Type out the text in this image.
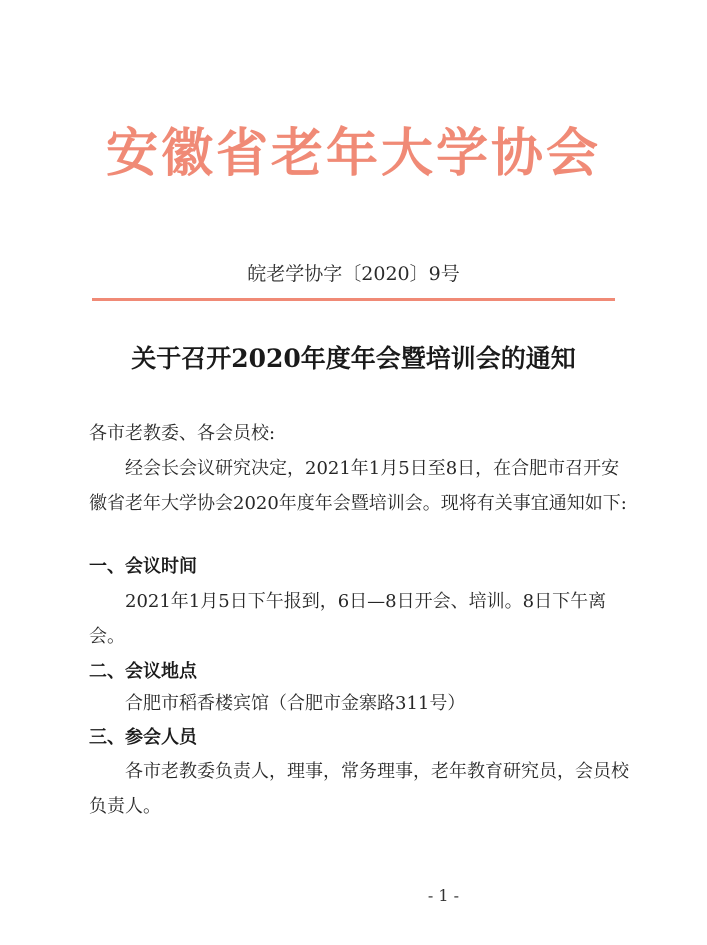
安徽省老年大学协会
皖老学协字〔2020〕9号
关于召开2020年度年会暨培训会的通知
各市老教委、各会员校:
经会长会议研究决定，2021年1月5日至8日，在合肥市召开安徽省老年大学协会2020年度年会暨培训会。现将有关事宜通知如下:
一、会议时间
2021年1月5日下午报到，6日—8日开会、培训。8日下午离会。
二、会议地点
合肥市稻香楼宾馆（合肥市金寨路311号）
三、参会人员
各市老教委负责人，理事，常务理事，老年教育研究员，会员校负责人。
- 1 -
